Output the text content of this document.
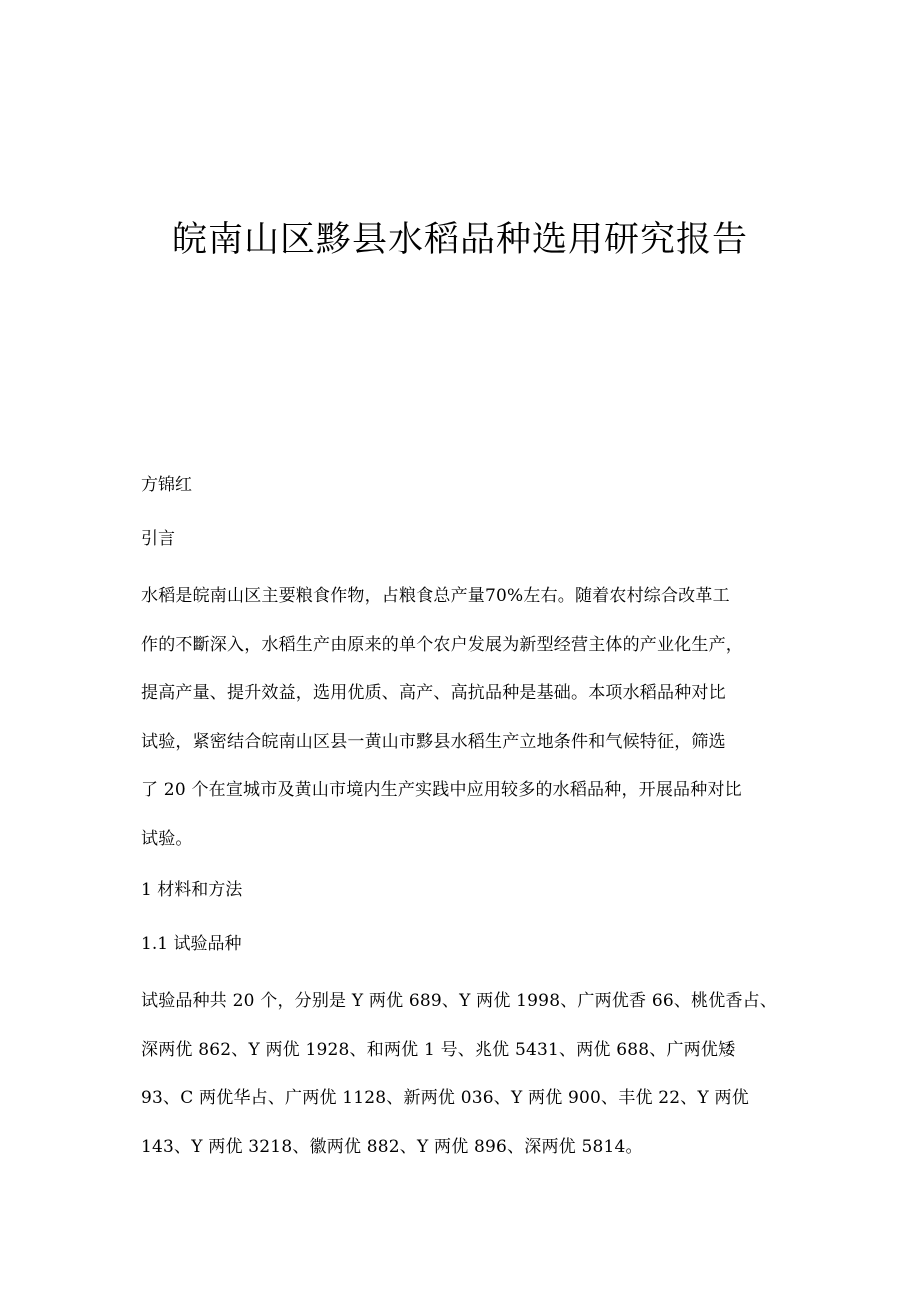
皖南山区黟县水稻品种选用研究报告
方锦红
引言
水稻是皖南山区主要粮食作物，占粮食总产量70%左右。随着农村综合改革工
作的不斷深入，水稻生产由原来的单个农户发展为新型经营主体的产业化生产，
提高产量、提升效益，选用优质、高产、高抗品种是基础。本项水稻品种对比
试验，紧密结合皖南山区县一黄山市黟县水稻生产立地条件和气候特征，筛选
了 20 个在宣城市及黄山市境内生产实践中应用较多的水稻品种，开展品种对比
试验。
1 材料和方法
1.1 试验品种
试验品种共 20 个，分别是 Y 两优 689、Y 两优 1998、广两优香 66、桃优香占、
深两优 862、Y 两优 1928、和两优 1 号、兆优 5431、两优 688、广两优矮
93、C 两优华占、广两优 1128、新两优 036、Y 两优 900、丰优 22、Y 两优
143、Y 两优 3218、徽两优 882、Y 两优 896、深两优 5814。
